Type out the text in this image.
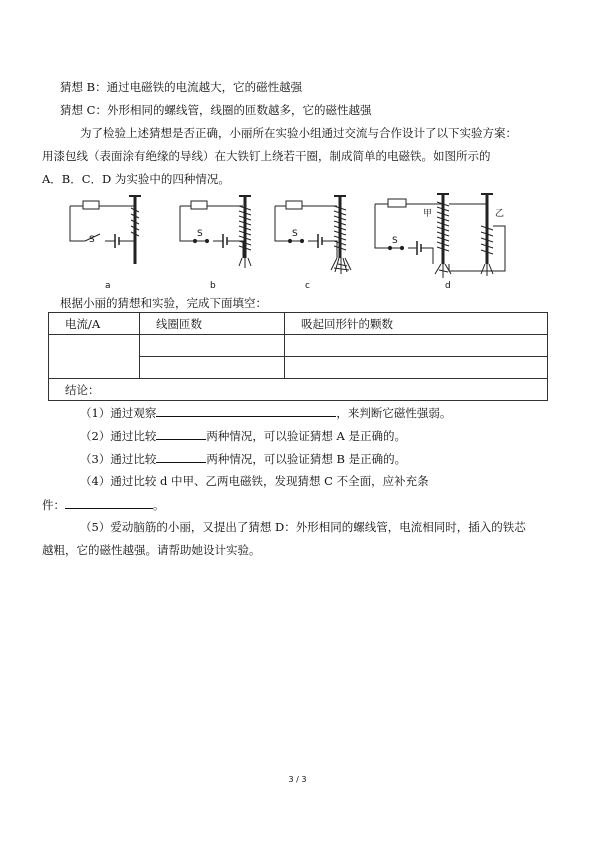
猜想 B：通过电磁铁的电流越大，它的磁性越强
猜想 C：外形相同的螺线管，线圈的匝数越多，它的磁性越强
为了检验上述猜想是否正确，小丽所在实验小组通过交流与合作设计了以下实验方案：
用漆包线（表面涂有绝缘的导线）在大铁钉上绕若干圈，制成简单的电磁铁。如图所示的
A．B．C．D 为实验中的四种情况。
S
S	S
S
甲	乙
a	b	c	d
根据小丽的猜想和实验，完成下面填空：
电流/A	线圈匝数	吸起回形针的颗数

结论：		
（1）通过观察	，来判断它磁性强弱。
（2）通过比较	两种情况，可以验证猜想 A 是正确的。
（3）通过比较	两种情况，可以验证猜想 B 是正确的。
（4）通过比较 d 中甲、乙两电磁铁，发现猜想 C 不全面，应补充条
件：	。
（5）爱动脑筋的小丽，又提出了猜想 D：外形相同的螺线管，电流相同时，插入的铁芯
越粗，它的磁性越强。请帮助她设计实验。
3 / 3
